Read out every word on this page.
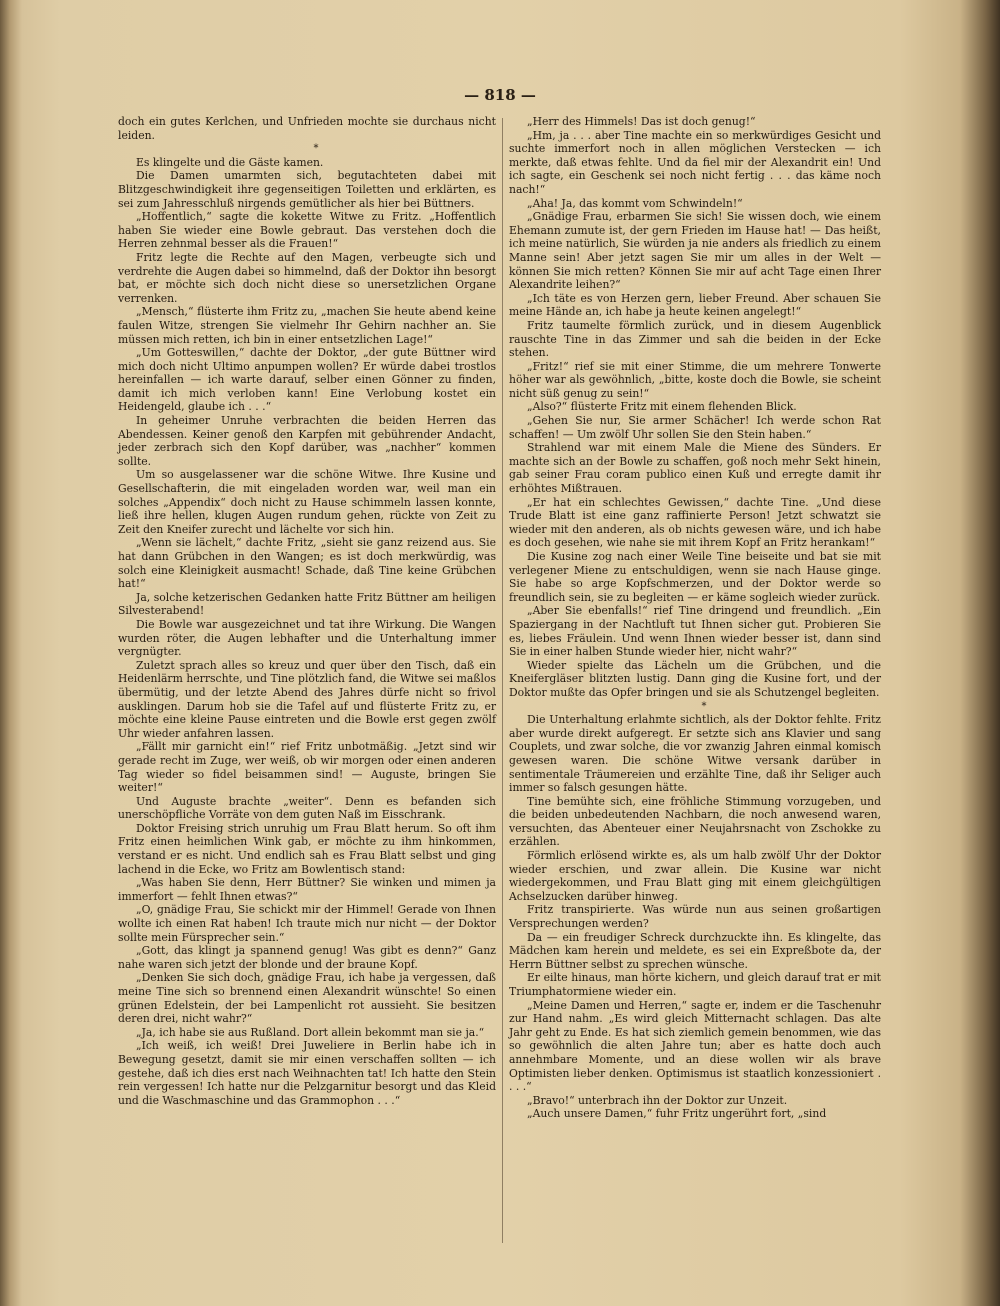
— 818 —

doch ein gutes Kerlchen, und Unfrieden mochte sie durchaus nicht leiden.

*

Es klingelte und die Gäste kamen.

Die Damen umarmten sich, begutachteten dabei mit Blitzgeschwindigkeit ihre gegenseitigen Toiletten und erklärten, es sei zum Jahresschluß nirgends gemütlicher als hier bei Büttners.

„Hoffentlich,“ sagte die kokette Witwe zu Fritz. „Hoffentlich haben Sie wieder eine Bowle gebraut. Das verstehen doch die Herren zehnmal besser als die Frauen!“

Fritz legte die Rechte auf den Magen, verbeugte sich und verdrehte die Augen dabei so himmelnd, daß der Doktor ihn besorgt bat, er möchte sich doch nicht diese so unersetzlichen Organe verrenken.

„Mensch,“ flüsterte ihm Fritz zu, „machen Sie heute abend keine faulen Witze, strengen Sie vielmehr Ihr Gehirn nachher an. Sie müssen mich retten, ich bin in einer entsetzlichen Lage!“

„Um Gotteswillen,“ dachte der Doktor, „der gute Büttner wird mich doch nicht Ultimo anpumpen wollen? Er würde dabei trostlos hereinfallen — ich warte darauf, selber einen Gönner zu finden, damit ich mich verloben kann! Eine Verlobung kostet ein Heidengeld, glaube ich . . .“

In geheimer Unruhe verbrachten die beiden Herren das Abendessen. Keiner genoß den Karpfen mit gebührender Andacht, jeder zerbrach sich den Kopf darüber, was „nachher“ kommen sollte.

Um so ausgelassener war die schöne Witwe. Ihre Kusine und Gesellschafterin, die mit eingeladen worden war, weil man ein solches „Appendix“ doch nicht zu Hause schimmeln lassen konnte, ließ ihre hellen, klugen Augen rundum gehen, rückte von Zeit zu Zeit den Kneifer zurecht und lächelte vor sich hin.

„Wenn sie lächelt,“ dachte Fritz, „sieht sie ganz reizend aus. Sie hat dann Grübchen in den Wangen; es ist doch merkwürdig, was solch eine Kleinigkeit ausmacht! Schade, daß Tine keine Grübchen hat!“

Ja, solche ketzerischen Gedanken hatte Fritz Büttner am heiligen Silvesterabend!

Die Bowle war ausgezeichnet und tat ihre Wirkung. Die Wangen wurden röter, die Augen lebhafter und die Unterhaltung immer vergnügter.

Zuletzt sprach alles so kreuz und quer über den Tisch, daß ein Heidenlärm herrschte, und Tine plötzlich fand, die Witwe sei maßlos übermütig, und der letzte Abend des Jahres dürfe nicht so frivol ausklingen. Darum hob sie die Tafel auf und flüsterte Fritz zu, er möchte eine kleine Pause eintreten und die Bowle erst gegen zwölf Uhr wieder anfahren lassen.

„Fällt mir garnicht ein!“ rief Fritz unbotmäßig. „Jetzt sind wir gerade recht im Zuge, wer weiß, ob wir morgen oder einen anderen Tag wieder so fidel beisammen sind! — Auguste, bringen Sie weiter!“

Und Auguste brachte „weiter“. Denn es befanden sich unerschöpfliche Vorräte von dem guten Naß im Eisschrank.

Doktor Freising strich unruhig um Frau Blatt herum. So oft ihm Fritz einen heimlichen Wink gab, er möchte zu ihm hinkommen, verstand er es nicht. Und endlich sah es Frau Blatt selbst und ging lachend in die Ecke, wo Fritz am Bowlentisch stand:

„Was haben Sie denn, Herr Büttner? Sie winken und mimen ja immerfort — fehlt Ihnen etwas?“

„O, gnädige Frau, Sie schickt mir der Himmel! Gerade von Ihnen wollte ich einen Rat haben! Ich traute mich nur nicht — der Doktor sollte mein Fürsprecher sein.“

„Gott, das klingt ja spannend genug! Was gibt es denn?“ Ganz nahe waren sich jetzt der blonde und der braune Kopf.

„Denken Sie sich doch, gnädige Frau, ich habe ja vergessen, daß meine Tine sich so brennend einen Alexandrit wünschte! So einen grünen Edelstein, der bei Lampenlicht rot aussieht. Sie besitzen deren drei, nicht wahr?“

„Ja, ich habe sie aus Rußland. Dort allein bekommt man sie ja.“

„Ich weiß, ich weiß! Drei Juweliere in Berlin habe ich in Bewegung gesetzt, damit sie mir einen verschaffen sollten — ich gestehe, daß ich dies erst nach Weihnachten tat! Ich hatte den Stein rein vergessen! Ich hatte nur die Pelzgarnitur besorgt und das Kleid und die Waschmaschine und das Grammophon . . .“

„Herr des Himmels! Das ist doch genug!“

„Hm, ja . . . aber Tine machte ein so merkwürdiges Gesicht und suchte immerfort noch in allen möglichen Verstecken — ich merkte, daß etwas fehlte. Und da fiel mir der Alexandrit ein! Und ich sagte, ein Geschenk sei noch nicht fertig . . . das käme noch nach!“

„Aha! Ja, das kommt vom Schwindeln!“

„Gnädige Frau, erbarmen Sie sich! Sie wissen doch, wie einem Ehemann zumute ist, der gern Frieden im Hause hat! — Das heißt, ich meine natürlich, Sie würden ja nie anders als friedlich zu einem Manne sein! Aber jetzt sagen Sie mir um alles in der Welt — können Sie mich retten? Können Sie mir auf acht Tage einen Ihrer Alexandrite leihen?“

„Ich täte es von Herzen gern, lieber Freund. Aber schauen Sie meine Hände an, ich habe ja heute keinen angelegt!“

Fritz taumelte förmlich zurück, und in diesem Augenblick rauschte Tine in das Zimmer und sah die beiden in der Ecke stehen.

„Fritz!“ rief sie mit einer Stimme, die um mehrere Tonwerte höher war als gewöhnlich, „bitte, koste doch die Bowle, sie scheint nicht süß genug zu sein!“

„Also?“ flüsterte Fritz mit einem flehenden Blick.

„Gehen Sie nur, Sie armer Schächer! Ich werde schon Rat schaffen! — Um zwölf Uhr sollen Sie den Stein haben.“

Strahlend war mit einem Male die Miene des Sünders. Er machte sich an der Bowle zu schaffen, goß noch mehr Sekt hinein, gab seiner Frau coram publico einen Kuß und erregte damit ihr erhöhtes Mißtrauen.

„Er hat ein schlechtes Gewissen,“ dachte Tine. „Und diese Trude Blatt ist eine ganz raffinierte Person! Jetzt schwatzt sie wieder mit den anderen, als ob nichts gewesen wäre, und ich habe es doch gesehen, wie nahe sie mit ihrem Kopf an Fritz herankam!“

Die Kusine zog nach einer Weile Tine beiseite und bat sie mit verlegener Miene zu entschuldigen, wenn sie nach Hause ginge. Sie habe so arge Kopfschmerzen, und der Doktor werde so freundlich sein, sie zu begleiten — er käme sogleich wieder zurück.

„Aber Sie ebenfalls!“ rief Tine dringend und freundlich. „Ein Spaziergang in der Nachtluft tut Ihnen sicher gut. Probieren Sie es, liebes Fräulein. Und wenn Ihnen wieder besser ist, dann sind Sie in einer halben Stunde wieder hier, nicht wahr?“

Wieder spielte das Lächeln um die Grübchen, und die Kneifergläser blitzten lustig. Dann ging die Kusine fort, und der Doktor mußte das Opfer bringen und sie als Schutzengel begleiten.

*

Die Unterhaltung erlahmte sichtlich, als der Doktor fehlte. Fritz aber wurde direkt aufgeregt. Er setzte sich ans Klavier und sang Couplets, und zwar solche, die vor zwanzig Jahren einmal komisch gewesen waren. Die schöne Witwe versank darüber in sentimentale Träumereien und erzählte Tine, daß ihr Seliger auch immer so falsch gesungen hätte.

Tine bemühte sich, eine fröhliche Stimmung vorzugeben, und die beiden unbedeutenden Nachbarn, die noch anwesend waren, versuchten, das Abenteuer einer Neujahrsnacht von Zschokke zu erzählen.

Förmlich erlösend wirkte es, als um halb zwölf Uhr der Doktor wieder erschien, und zwar allein. Die Kusine war nicht wiedergekommen, und Frau Blatt ging mit einem gleichgültigen Achselzucken darüber hinweg.

Fritz transpirierte. Was würde nun aus seinen großartigen Versprechungen werden?

Da — ein freudiger Schreck durchzuckte ihn. Es klingelte, das Mädchen kam herein und meldete, es sei ein Expreßbote da, der Herrn Büttner selbst zu sprechen wünsche.

Er eilte hinaus, man hörte kichern, und gleich darauf trat er mit Triumphatormiene wieder ein.

„Meine Damen und Herren,“ sagte er, indem er die Taschenuhr zur Hand nahm. „Es wird gleich Mitternacht schlagen. Das alte Jahr geht zu Ende. Es hat sich ziemlich gemein benommen, wie das so gewöhnlich die alten Jahre tun; aber es hatte doch auch annehmbare Momente, und an diese wollen wir als brave Optimisten lieber denken. Optimismus ist staatlich konzessioniert . . . .“

„Bravo!“ unterbrach ihn der Doktor zur Unzeit.

„Auch unsere Damen,“ fuhr Fritz ungerührt fort, „sind
